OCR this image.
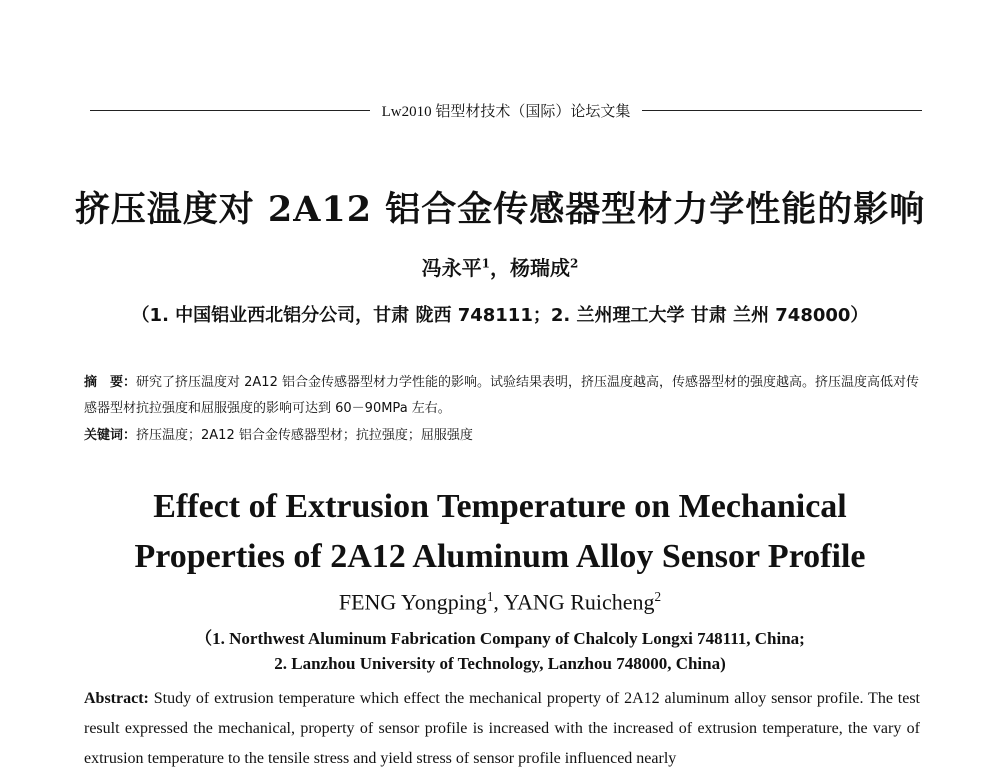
Lw2010 铝型材技术（国际）论坛文集
挤压温度对 2A12 铝合金传感器型材力学性能的影响
冯永平$^1$，杨瑞成$^2$
（1. 中国铝业西北铝分公司，甘肃 陇西 748111；2. 兰州理工大学 甘肃 兰州 748000）
摘　要：研究了挤压温度对 2A12 铝合金传感器型材力学性能的影响。试验结果表明，挤压温度越高，传感器型材的强度越高。挤压温度高低对传感器型材抗拉强度和屈服强度的影响可达到 60－90MPa 左右。
关键词：挤压温度；2A12 铝合金传感器型材；抗拉强度；屈服强度
Effect of Extrusion Temperature on Mechanical
Properties of 2A12 Aluminum Alloy Sensor Profile
FENG Yongping$^1$, YANG Ruicheng$^2$
（1. Northwest Aluminum Fabrication Company of Chalcoly Longxi 748111, China;
2. Lanzhou University of Technology, Lanzhou 748000, China)
Abstract: Study of extrusion temperature which effect the mechanical property of 2A12 aluminum alloy sensor profile. The test result expressed the mechanical, property of sensor profile is increased with the increased of extrusion temperature, the vary of extrusion temperature to the tensile stress and yield stress of sensor profile influenced nearly
